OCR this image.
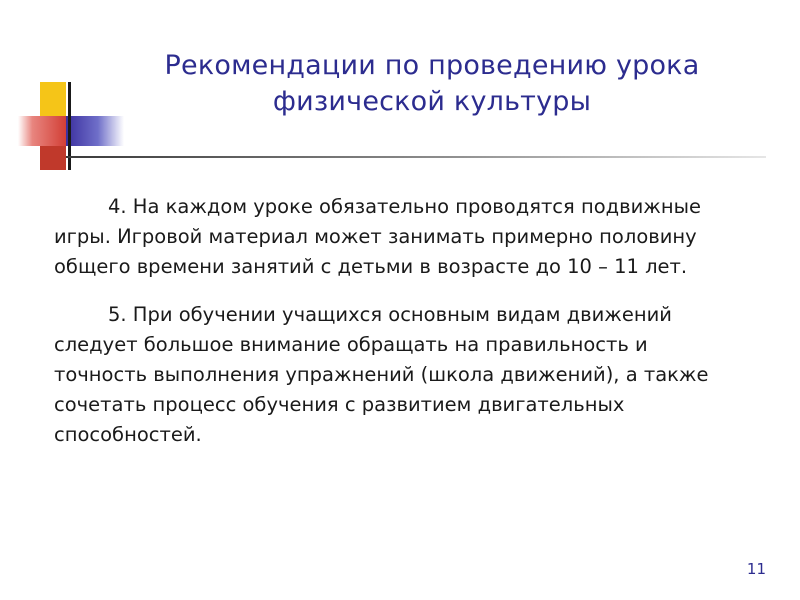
Рекомендации по проведению урока физической культуры

4. На каждом уроке обязательно проводятся подвижные игры. Игровой материал может занимать примерно половину общего времени занятий с детьми в возрасте до 10 – 11 лет.

5. При обучении учащихся основным видам движений следует большое внимание обращать на правильность и точность выполнения упражнений (школа движений), а также сочетать процесс обучения с развитием двигательных способностей.

11
